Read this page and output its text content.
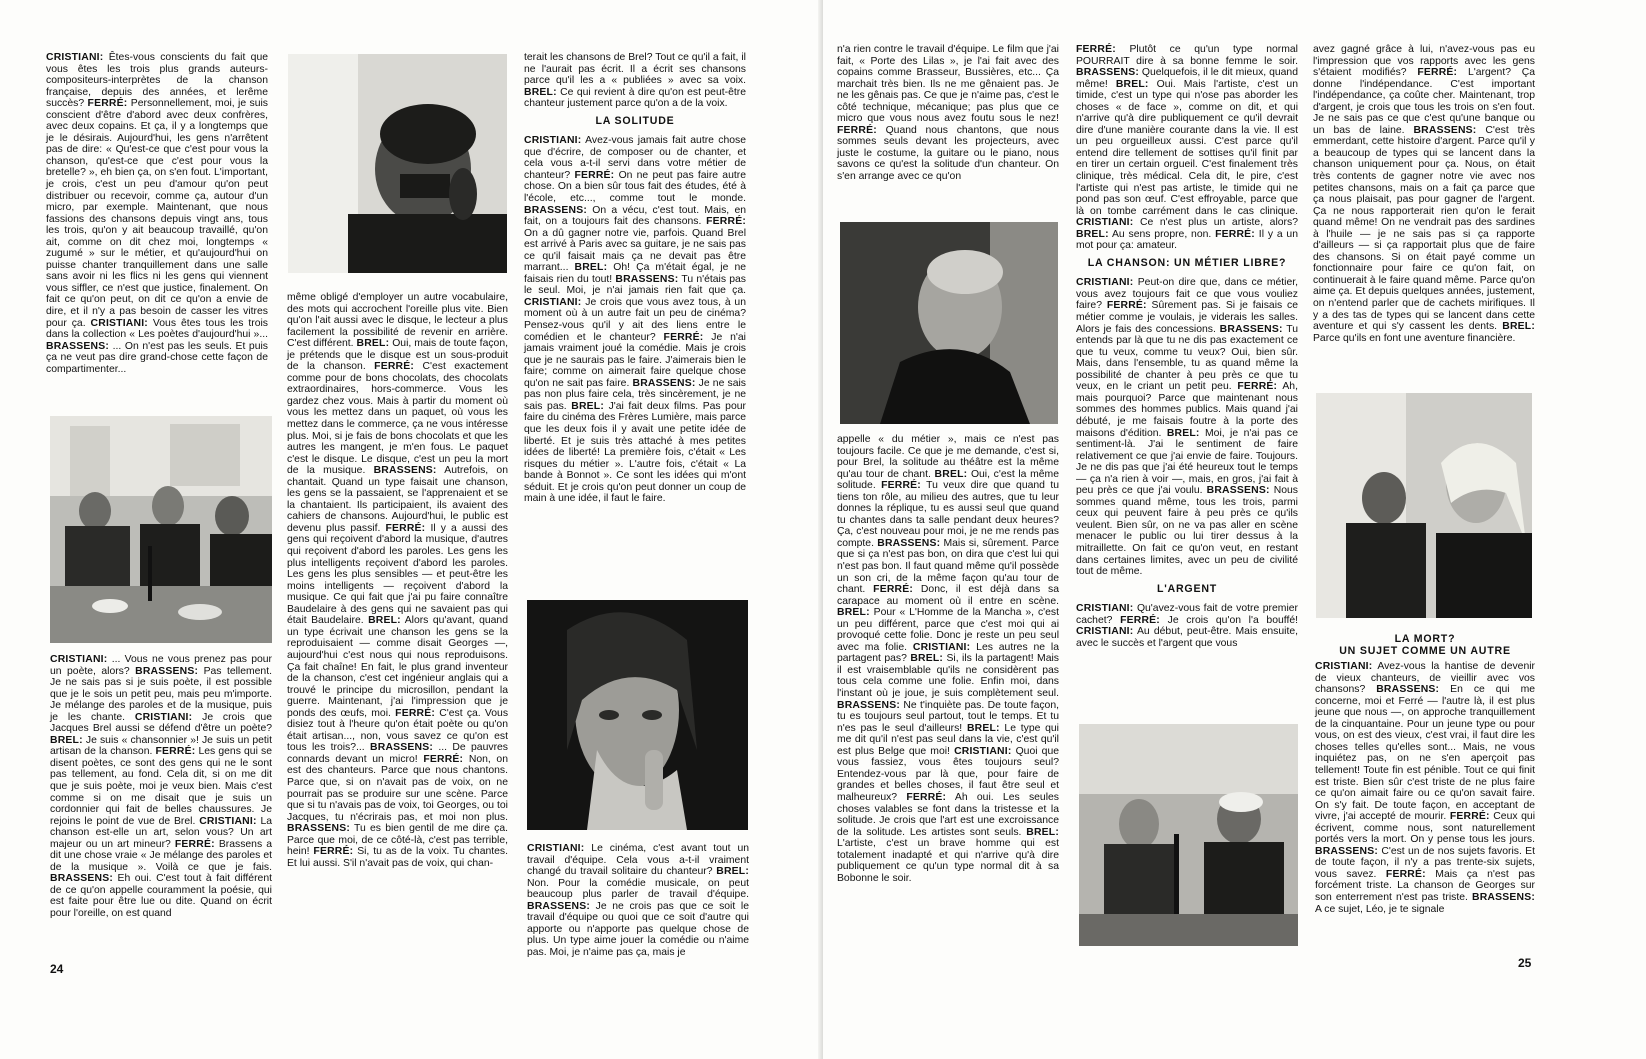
CRISTIANI: Êtes-vous conscients du fait que vous êtes les trois plus grands auteurs-compositeurs-interprètes de la chanson française, depuis des années, et lerême succès? FERRÉ: Personnellement, moi, je suis conscient d'être d'abord avec deux confrères, avec deux copains. Et ça, il y a longtemps que je le désirais. Aujourd'hui, les gens n'arrêtent pas de dire: « Qu'est-ce que c'est pour vous la chanson, qu'est-ce que c'est pour vous la bretelle? », eh bien ça, on s'en fout. L'important, je crois, c'est un peu d'amour qu'on peut distribuer ou recevoir, comme ça, autour d'un micro, par exemple. Maintenant, que nous fassions des chansons depuis vingt ans, tous les trois, qu'on y ait beaucoup travaillé, qu'on ait, comme on dit chez moi, longtemps « zugumé » sur le métier, et qu'aujourd'hui on puisse chanter tranquillement dans une salle sans avoir ni les flics ni les gens qui viennent vous siffler, ce n'est que justice, finalement. On fait ce qu'on peut, on dit ce qu'on a envie de dire, et il n'y a pas besoin de casser les vitres pour ça. CRISTIANI: Vous êtes tous les trois dans la collection « Les poètes d'aujourd'hui »... BRASSENS: ... On n'est pas les seuls. Et puis ça ne veut pas dire grand-chose cette façon de compartimenter...

CRISTIANI: ... Vous ne vous prenez pas pour un poète, alors? BRASSENS: Pas tellement. Je ne sais pas si je suis poète, il est possible que je le sois un petit peu, mais peu m'importe. Je mélange des paroles et de la musique, puis je les chante. CRISTIANI: Je crois que Jacques Brel aussi se défend d'être un poète? BREL: Je suis « chansonnier »! Je suis un petit artisan de la chanson. FERRÉ: Les gens qui se disent poètes, ce sont des gens qui ne le sont pas tellement, au fond. Cela dit, si on me dit que je suis poète, moi je veux bien. Mais c'est comme si on me disait que je suis un cordonnier qui fait de belles chaussures. Je rejoins le point de vue de Brel. CRISTIANI: La chanson est-elle un art, selon vous? Un art majeur ou un art mineur? FERRÉ: Brassens a dit une chose vraie « Je mélange des paroles et de la musique ». Voilà ce que je fais. BRASSENS: Eh oui. C'est tout à fait différent de ce qu'on appelle couramment la poésie, qui est faite pour être lue ou dite. Quand on écrit pour l'oreille, on est quand

même obligé d'employer un autre vocabulaire, des mots qui accrochent l'oreille plus vite. Bien qu'on l'ait aussi avec le disque, le lecteur a plus facilement la possibilité de revenir en arrière. C'est différent. BREL: Oui, mais de toute façon, je prétends que le disque est un sous-produit de la chanson. FERRÉ: C'est exactement comme pour de bons chocolats, des chocolats extraordinaires, hors-commerce. Vous les gardez chez vous. Mais à partir du moment où vous les mettez dans un paquet, où vous les mettez dans le commerce, ça ne vous intéresse plus. Moi, si je fais de bons chocolats et que les autres les mangent, je m'en fous. Le paquet c'est le disque. Le disque, c'est un peu la mort de la musique. BRASSENS: Autrefois, on chantait. Quand un type faisait une chanson, les gens se la passaient, se l'apprenaient et se la chantaient. Ils participaient, ils avaient des cahiers de chansons. Aujourd'hui, le public est devenu plus passif. FERRÉ: Il y a aussi des gens qui reçoivent d'abord la musique, d'autres qui reçoivent d'abord les paroles. Les gens les plus intelligents reçoivent d'abord les paroles. Les gens les plus sensibles — et peut-être les moins intelligents — reçoivent d'abord la musique. Ce qui fait que j'ai pu faire connaître Baudelaire à des gens qui ne savaient pas qui était Baudelaire. BREL: Alors qu'avant, quand un type écrivait une chanson les gens se la reproduisaient — comme disait Georges —, aujourd'hui c'est nous qui nous reproduisons. Ça fait chaîne! En fait, le plus grand inventeur de la chanson, c'est cet ingénieur anglais qui a trouvé le principe du microsillon, pendant la guerre. Maintenant, j'ai l'impression que je ponds des œufs, moi. FERRÉ: C'est ça. Vous disiez tout à l'heure qu'on était poète ou qu'on était artisan..., non, vous savez ce qu'on est tous les trois?... BRASSENS: ... De pauvres connards devant un micro! FERRÉ: Non, on est des chanteurs. Parce que nous chantons. Parce que, si on n'avait pas de voix, on ne pourrait pas se produire sur une scène. Parce que si tu n'avais pas de voix, toi Georges, ou toi Jacques, tu n'écrirais pas, et moi non plus. BRASSENS: Tu es bien gentil de me dire ça. Parce que moi, de ce côté-là, c'est pas terrible, hein! FERRÉ: Si, tu as de la voix. Tu chantes. Et lui aussi. S'il n'avait pas de voix, qui chan-

terait les chansons de Brel? Tout ce qu'il a fait, il ne l'aurait pas écrit. Il a écrit ses chansons parce qu'il les a « publiées » avec sa voix. BREL: Ce qui revient à dire qu'on est peut-être chanteur justement parce qu'on a de la voix.

LA SOLITUDE

CRISTIANI: Avez-vous jamais fait autre chose que d'écrire, de composer ou de chanter, et cela vous a-t-il servi dans votre métier de chanteur? FERRÉ: On ne peut pas faire autre chose. On a bien sûr tous fait des études, été à l'école, etc..., comme tout le monde. BRASSENS: On a vécu, c'est tout. Mais, en fait, on a toujours fait des chansons. FERRÉ: On a dû gagner notre vie, parfois. Quand Brel est arrivé à Paris avec sa guitare, je ne sais pas ce qu'il faisait mais ça ne devait pas être marrant... BREL: Oh! Ça m'était égal, je ne faisais rien du tout! BRASSENS: Tu n'étais pas le seul. Moi, je n'ai jamais rien fait que ça. CRISTIANI: Je crois que vous avez tous, à un moment où à un autre fait un peu de cinéma? Pensez-vous qu'il y ait des liens entre le comédien et le chanteur? FERRÉ: Je n'ai jamais vraiment joué la comédie. Mais je crois que je ne saurais pas le faire. J'aimerais bien le faire; comme on aimerait faire quelque chose qu'on ne sait pas faire. BRASSENS: Je ne sais pas non plus faire cela, très sincèrement, je ne sais pas. BREL: J'ai fait deux films. Pas pour faire du cinéma des Frères Lumière, mais parce que les deux fois il y avait une petite idée de liberté. Et je suis très attaché à mes petites idées de liberté! La première fois, c'était « Les risques du métier ». L'autre fois, c'était « La bande à Bonnot ». Ce sont les idées qui m'ont séduit. Et je crois qu'on peut donner un coup de main à une idée, il faut le faire.

CRISTIANI: Le cinéma, c'est avant tout un travail d'équipe. Cela vous a-t-il vraiment changé du travail solitaire du chanteur? BREL: Non. Pour la comédie musicale, on peut beaucoup plus parler de travail d'équipe. BRASSENS: Je ne crois pas que ce soit le travail d'équipe ou quoi que ce soit d'autre qui apporte ou n'apporte pas quelque chose de plus. Un type aime jouer la comédie ou n'aime pas. Moi, je n'aime pas ça, mais je

24

n'a rien contre le travail d'équipe. Le film que j'ai fait, « Porte des Lilas », je l'ai fait avec des copains comme Brasseur, Bussières, etc... Ça marchait très bien. Ils ne me gênaient pas. Je ne les gênais pas. Ce que je n'aime pas, c'est le côté technique, mécanique; pas plus que ce micro que vous nous avez foutu sous le nez! FERRÉ: Quand nous chantons, que nous sommes seuls devant les projecteurs, avec juste le costume, la guitare ou le piano, nous savons ce qu'est la solitude d'un chanteur. On s'en arrange avec ce qu'on

appelle « du métier », mais ce n'est pas toujours facile. Ce que je me demande, c'est si, pour Brel, la solitude au théâtre est la même qu'au tour de chant. BREL: Oui, c'est la même solitude. FERRÉ: Tu veux dire que quand tu tiens ton rôle, au milieu des autres, que tu leur donnes la réplique, tu es aussi seul que quand tu chantes dans ta salle pendant deux heures? Ça, c'est nouveau pour moi, je ne me rends pas compte. BRASSENS: Mais si, sûrement. Parce que si ça n'est pas bon, on dira que c'est lui qui n'est pas bon. Il faut quand même qu'il possède un son cri, de la même façon qu'au tour de chant. FERRÉ: Donc, il est déjà dans sa carapace au moment où il entre en scène. BREL: Pour « L'Homme de la Mancha », c'est un peu différent, parce que c'est moi qui ai provoqué cette folie. Donc je reste un peu seul avec ma folie. CRISTIANI: Les autres ne la partagent pas? BREL: Si, ils la partagent! Mais il est vraisemblable qu'ils ne considèrent pas tous cela comme une folie. Enfin moi, dans l'instant où je joue, je suis complètement seul. BRASSENS: Ne t'inquiète pas. De toute façon, tu es toujours seul partout, tout le temps. Et tu n'es pas le seul d'ailleurs! BREL: Le type qui me dit qu'il n'est pas seul dans la vie, c'est qu'il est plus Belge que moi! CRISTIANI: Quoi que vous fassiez, vous êtes toujours seul? Entendez-vous par là que, pour faire de grandes et belles choses, il faut être seul et malheureux? FERRÉ: Ah oui. Les seules choses valables se font dans la tristesse et la solitude. Je crois que l'art est une excroissance de la solitude. Les artistes sont seuls. BREL: L'artiste, c'est un brave homme qui est totalement inadapté et qui n'arrive qu'à dire publiquement ce qu'un type normal dit à sa Bobonne le soir.

FERRÉ: Plutôt ce qu'un type normal POURRAIT dire à sa bonne femme le soir. BRASSENS: Quelquefois, il le dit mieux, quand même! BREL: Oui. Mais l'artiste, c'est un timide, c'est un type qui n'ose pas aborder les choses « de face », comme on dit, et qui n'arrive qu'à dire publiquement ce qu'il devrait dire d'une manière courante dans la vie. Il est un peu orgueilleux aussi. C'est parce qu'il entend dire tellement de sottises qu'il finit par en tirer un certain orgueil. C'est finalement très clinique, très médical. Cela dit, le pire, c'est l'artiste qui n'est pas artiste, le timide qui ne pond pas son œuf. C'est effroyable, parce que là on tombe carrément dans le cas clinique. CRISTIANI: Ce n'est plus un artiste, alors? BREL: Au sens propre, non. FERRÉ: Il y a un mot pour ça: amateur.

LA CHANSON: UN MÉTIER LIBRE?

CRISTIANI: Peut-on dire que, dans ce métier, vous avez toujours fait ce que vous vouliez faire? FERRÉ: Sûrement pas. Si je faisais ce métier comme je voulais, je viderais les salles. Alors je fais des concessions. BRASSENS: Tu entends par là que tu ne dis pas exactement ce que tu veux, comme tu veux? Oui, bien sûr. Mais, dans l'ensemble, tu as quand même la possibilité de chanter à peu près ce que tu veux, en le criant un petit peu. FERRÉ: Ah, mais pourquoi? Parce que maintenant nous sommes des hommes publics. Mais quand j'ai débuté, je me faisais foutre à la porte des maisons d'édition. BREL: Moi, je n'ai pas ce sentiment-là. J'ai le sentiment de faire relativement ce que j'ai envie de faire. Toujours. Je ne dis pas que j'ai été heureux tout le temps — ça n'a rien à voir —, mais, en gros, j'ai fait à peu près ce que j'ai voulu. BRASSENS: Nous sommes quand même, tous les trois, parmi ceux qui peuvent faire à peu près ce qu'ils veulent. Bien sûr, on ne va pas aller en scène menacer le public ou lui tirer dessus à la mitraillette. On fait ce qu'on veut, en restant dans certaines limites, avec un peu de civilité tout de même.

L'ARGENT

CRISTIANI: Qu'avez-vous fait de votre premier cachet? FERRÉ: Je crois qu'on l'a bouffé! CRISTIANI: Au début, peut-être. Mais ensuite, avec le succès et l'argent que vous

avez gagné grâce à lui, n'avez-vous pas eu l'impression que vos rapports avec les gens s'étaient modifiés? FERRÉ: L'argent? Ça donne l'indépendance. C'est important l'indépendance, ça coûte cher. Maintenant, trop d'argent, je crois que tous les trois on s'en fout. Je ne sais pas ce que c'est qu'une banque ou un bas de laine. BRASSENS: C'est très emmerdant, cette histoire d'argent. Parce qu'il y a beaucoup de types qui se lancent dans la chanson uniquement pour ça. Nous, on était très contents de gagner notre vie avec nos petites chansons, mais on a fait ça parce que ça nous plaisait, pas pour gagner de l'argent. Ça ne nous rapporterait rien qu'on le ferait quand même! On ne vendrait pas des sardines à l'huile — je ne sais pas si ça rapporte d'ailleurs — si ça rapportait plus que de faire des chansons. Si on était payé comme un fonctionnaire pour faire ce qu'on fait, on continuerait à le faire quand même. Parce qu'on aime ça. Et depuis quelques années, justement, on n'entend parler que de cachets mirifiques. Il y a des tas de types qui se lancent dans cette aventure et qui s'y cassent les dents. BREL: Parce qu'ils en font une aventure financière.

LA MORT?

UN SUJET COMME UN AUTRE

CRISTIANI: Avez-vous la hantise de devenir de vieux chanteurs, de vieillir avec vos chansons? BRASSENS: En ce qui me concerne, moi et Ferré — l'autre là, il est plus jeune que nous —, on approche tranquillement de la cinquantaine. Pour un jeune type ou pour vous, on est des vieux, c'est vrai, il faut dire les choses telles qu'elles sont... Mais, ne vous inquiétez pas, on ne s'en aperçoit pas tellement! Toute fin est pénible. Tout ce qui finit est triste. Bien sûr c'est triste de ne plus faire ce qu'on aimait faire ou ce qu'on savait faire. On s'y fait. De toute façon, en acceptant de vivre, j'ai accepté de mourir. FERRÉ: Ceux qui écrivent, comme nous, sont naturellement portés vers la mort. On y pense tous les jours. BRASSENS: C'est un de nos sujets favoris. Et de toute façon, il n'y a pas trente-six sujets, vous savez. FERRÉ: Mais ça n'est pas forcément triste. La chanson de Georges sur son enterrement n'est pas triste. BRASSENS: A ce sujet, Léo, je te signale

25
